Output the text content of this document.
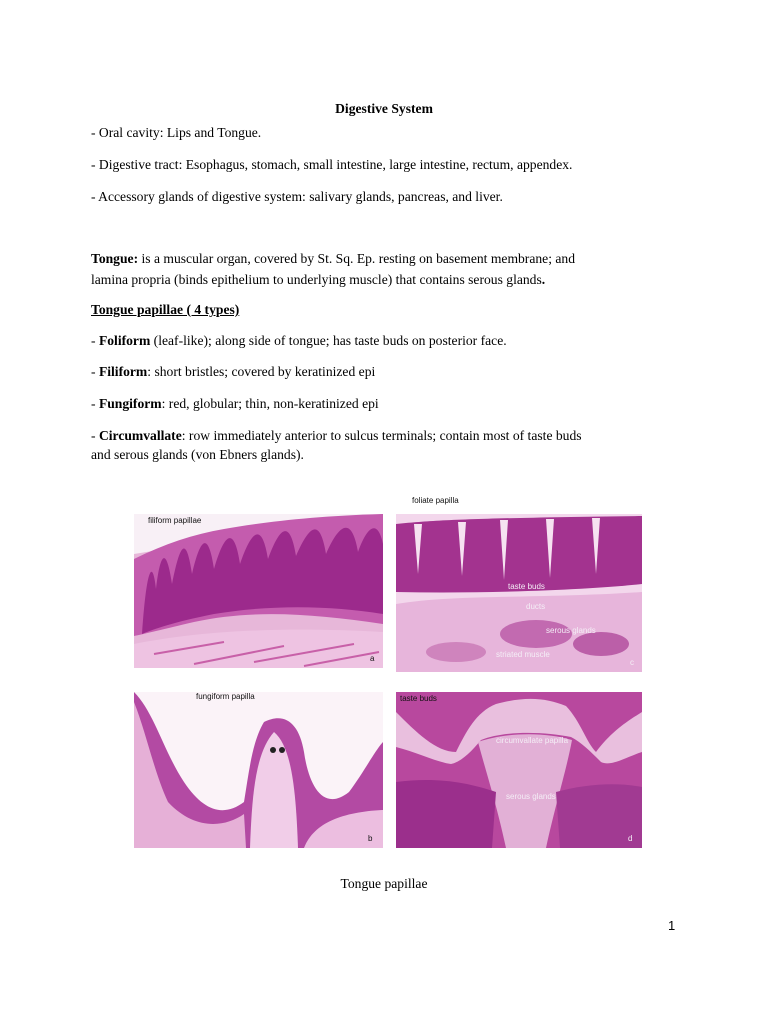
Digestive System
- Oral cavity: Lips and Tongue.
- Digestive tract: Esophagus, stomach, small intestine, large intestine, rectum, appendex.
- Accessory glands of digestive system: salivary glands, pancreas, and liver.
Tongue: is a muscular organ, covered by St. Sq. Ep. resting on basement membrane; and
lamina propria (binds epithelium to underlying muscle) that contains serous glands.
Tongue papillae ( 4 types)
- Foliform (leaf-like); along side of tongue; has taste buds on posterior face.
- Filiform: short bristles; covered by keratinized epi
- Fungiform: red, globular; thin, non-keratinized epi
- Circumvallate: row immediately anterior to sulcus terminals; contain most of taste buds
and serous glands (von Ebners glands).
filiform papillae
a
fungiform papilla
b
taste buds
ducts
serous glands
striated muscle
c
foliate papilla
taste buds
circumvallate papilla
serous glands
d
Tongue papillae
1
